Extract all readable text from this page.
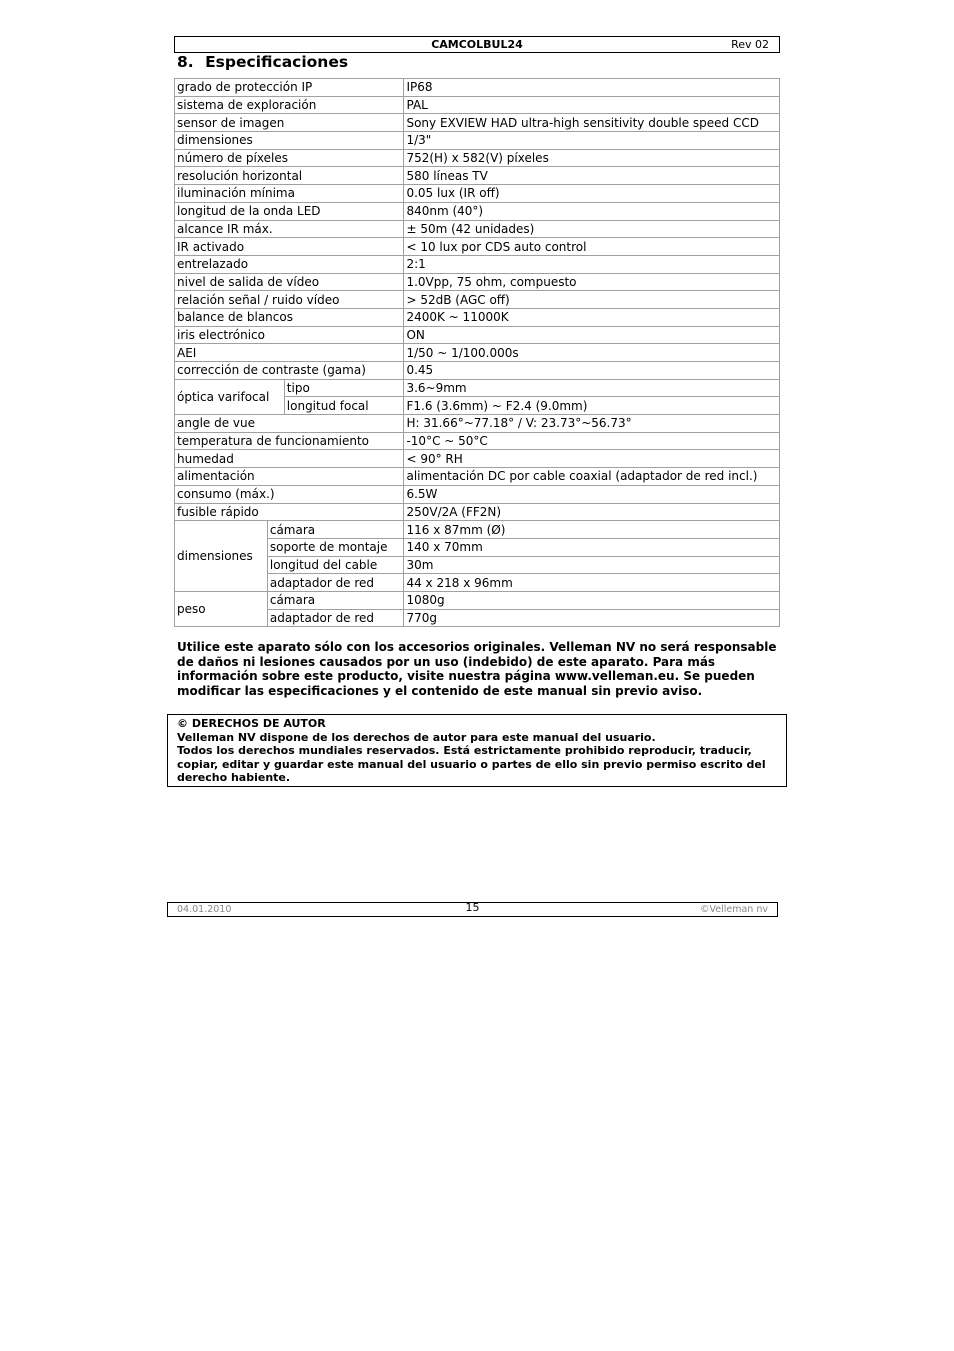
CAMCOLBUL24	Rev 02
8. Especificaciones
grado de protección IP			IP68
sistema de exploración			PAL
sensor de imagen			Sony EXVIEW HAD ultra-high sensitivity double speed CCD
dimensiones			1/3"
número de píxeles			752(H) x 582(V) píxeles
resolución horizontal			580 líneas TV
iluminación mínima			0.05 lux (IR off)
longitud de la onda LED			840nm (40°)
alcance IR máx.			± 50m (42 unidades)
IR activado			< 10 lux por CDS auto control
entrelazado			2:1
nivel de salida de vídeo			1.0Vpp, 75 ohm, compuesto
relación señal / ruido vídeo			> 52dB (AGC off)
balance de blancos			2400K ~ 11000K
iris electrónico			ON
AEI			1/50 ~ 1/100.000s
corrección de contraste (gama)			0.45
óptica varifocal		tipo	3.6~9mm
		longitud focal	F1.6 (3.6mm) ~ F2.4 (9.0mm)
angle de vue			H: 31.66°~77.18° / V: 23.73°~56.73°
temperatura de funcionamiento			-10°C ~ 50°C
humedad			< 90° RH
alimentación			alimentación DC por cable coaxial (adaptador de red incl.)
consumo (máx.)			6.5W
fusible rápido			250V/2A (FF2N)
dimensiones	cámara		116 x 87mm (Ø)
	soporte de montaje		140 x 70mm
	longitud del cable		30m
	adaptador de red		44 x 218 x 96mm
peso	cámara		1080g
	adaptador de red		770g
Utilice este aparato sólo con los accesorios originales. Velleman NV no será responsable de daños ni lesiones causados por un uso (indebido) de este aparato. Para más información sobre este producto, visite nuestra página www.velleman.eu. Se pueden modificar las especificaciones y el contenido de este manual sin previo aviso.
© DERECHOS DE AUTOR
Velleman NV dispone de los derechos de autor para este manual del usuario.
Todos los derechos mundiales reservados. Está estrictamente prohibido reproducir, traducir, copiar, editar y guardar este manual del usuario o partes de ello sin previo permiso escrito del derecho habiente.
04.01.2010	15	©Velleman nv
